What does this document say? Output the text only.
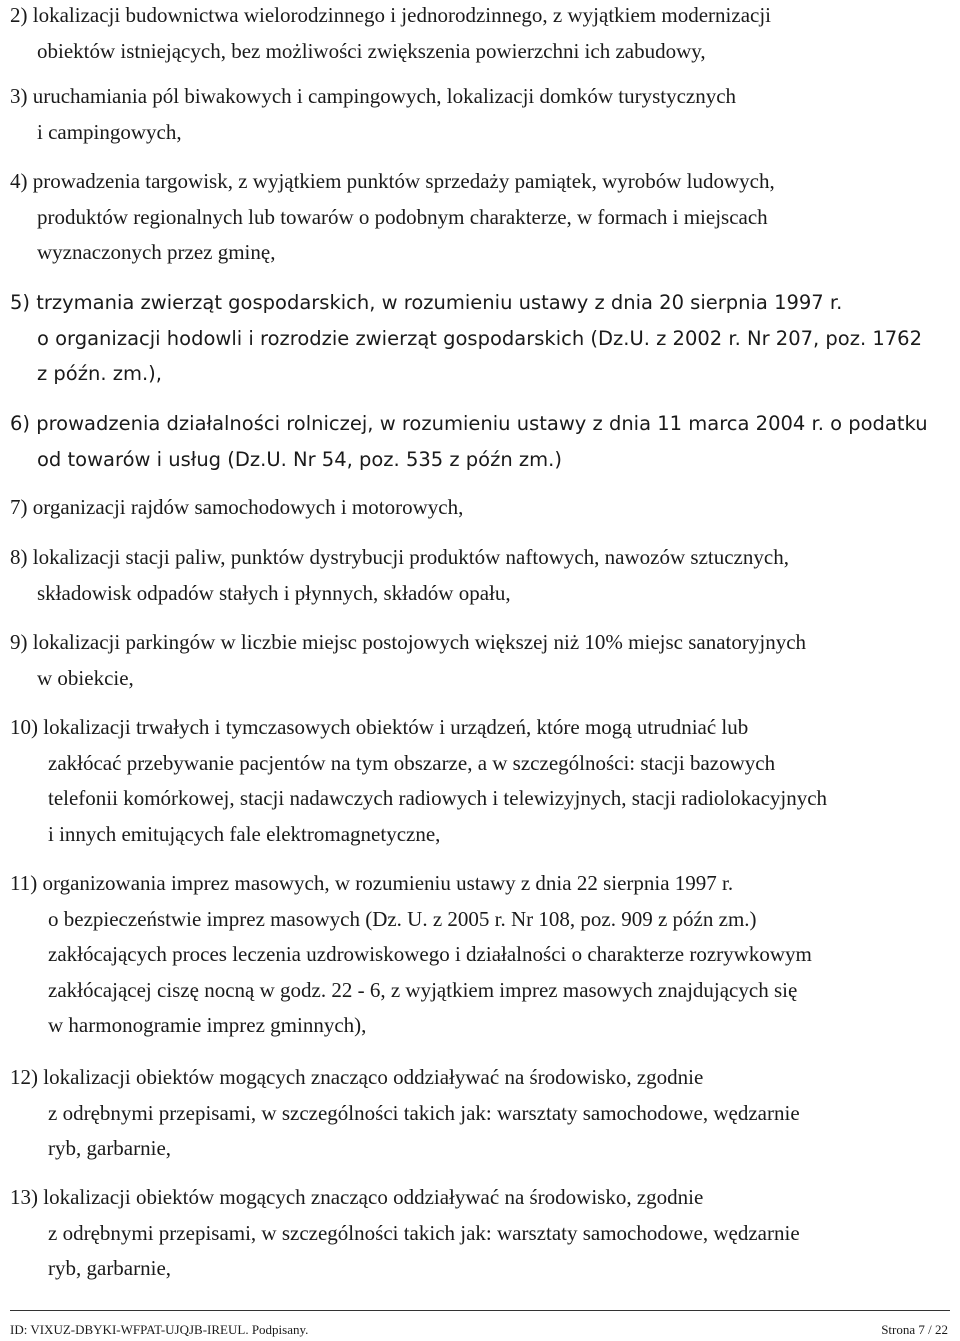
2) lokalizacji budownictwa wielorodzinnego i jednorodzinnego, z wyjątkiem modernizacji
obiektów istniejących, bez możliwości zwiększenia powierzchni ich zabudowy,
3) uruchamiania pól biwakowych i campingowych, lokalizacji domków turystycznych
i campingowych,
4) prowadzenia targowisk, z wyjątkiem punktów sprzedaży pamiątek, wyrobów ludowych,
produktów regionalnych lub towarów o podobnym charakterze, w formach i miejscach
wyznaczonych przez gminę,
5) trzymania zwierząt gospodarskich, w rozumieniu ustawy z dnia 20 sierpnia 1997 r.
o organizacji hodowli i rozrodzie zwierząt gospodarskich (Dz.U. z 2002 r. Nr 207, poz. 1762
z późn. zm.),
6) prowadzenia działalności rolniczej, w rozumieniu ustawy z dnia 11 marca 2004 r. o podatku
od towarów i usług (Dz.U. Nr 54, poz. 535 z późn zm.)
7) organizacji rajdów samochodowych i motorowych,
8) lokalizacji stacji paliw, punktów dystrybucji produktów naftowych, nawozów sztucznych,
składowisk odpadów stałych i płynnych, składów opału,
9) lokalizacji parkingów w liczbie miejsc postojowych większej niż 10% miejsc sanatoryjnych
w obiekcie,
10) lokalizacji trwałych i tymczasowych obiektów i urządzeń, które mogą utrudniać lub
zakłócać przebywanie pacjentów na tym obszarze, a w szczególności: stacji bazowych
telefonii komórkowej, stacji nadawczych radiowych i telewizyjnych, stacji radiolokacyjnych
i innych emitujących fale elektromagnetyczne,
11) organizowania imprez masowych, w rozumieniu ustawy z dnia 22 sierpnia 1997 r.
o bezpieczeństwie imprez masowych (Dz. U. z 2005 r. Nr 108, poz. 909 z późn zm.)
zakłócających proces leczenia uzdrowiskowego i działalności o charakterze rozrywkowym
zakłócającej ciszę nocną w godz. 22 - 6, z wyjątkiem imprez masowych znajdujących się
w harmonogramie imprez gminnych),
12) lokalizacji obiektów mogących znacząco oddziaływać na środowisko, zgodnie
z odrębnymi przepisami, w szczególności takich jak: warsztaty samochodowe, wędzarnie
ryb, garbarnie,
13) lokalizacji obiektów mogących znacząco oddziaływać na środowisko, zgodnie
z odrębnymi przepisami, w szczególności takich jak: warsztaty samochodowe, wędzarnie
ryb, garbarnie,
ID: VIXUZ-DBYKI-WFPAT-UJQJB-IREUL. Podpisany.	Strona 7 / 22
